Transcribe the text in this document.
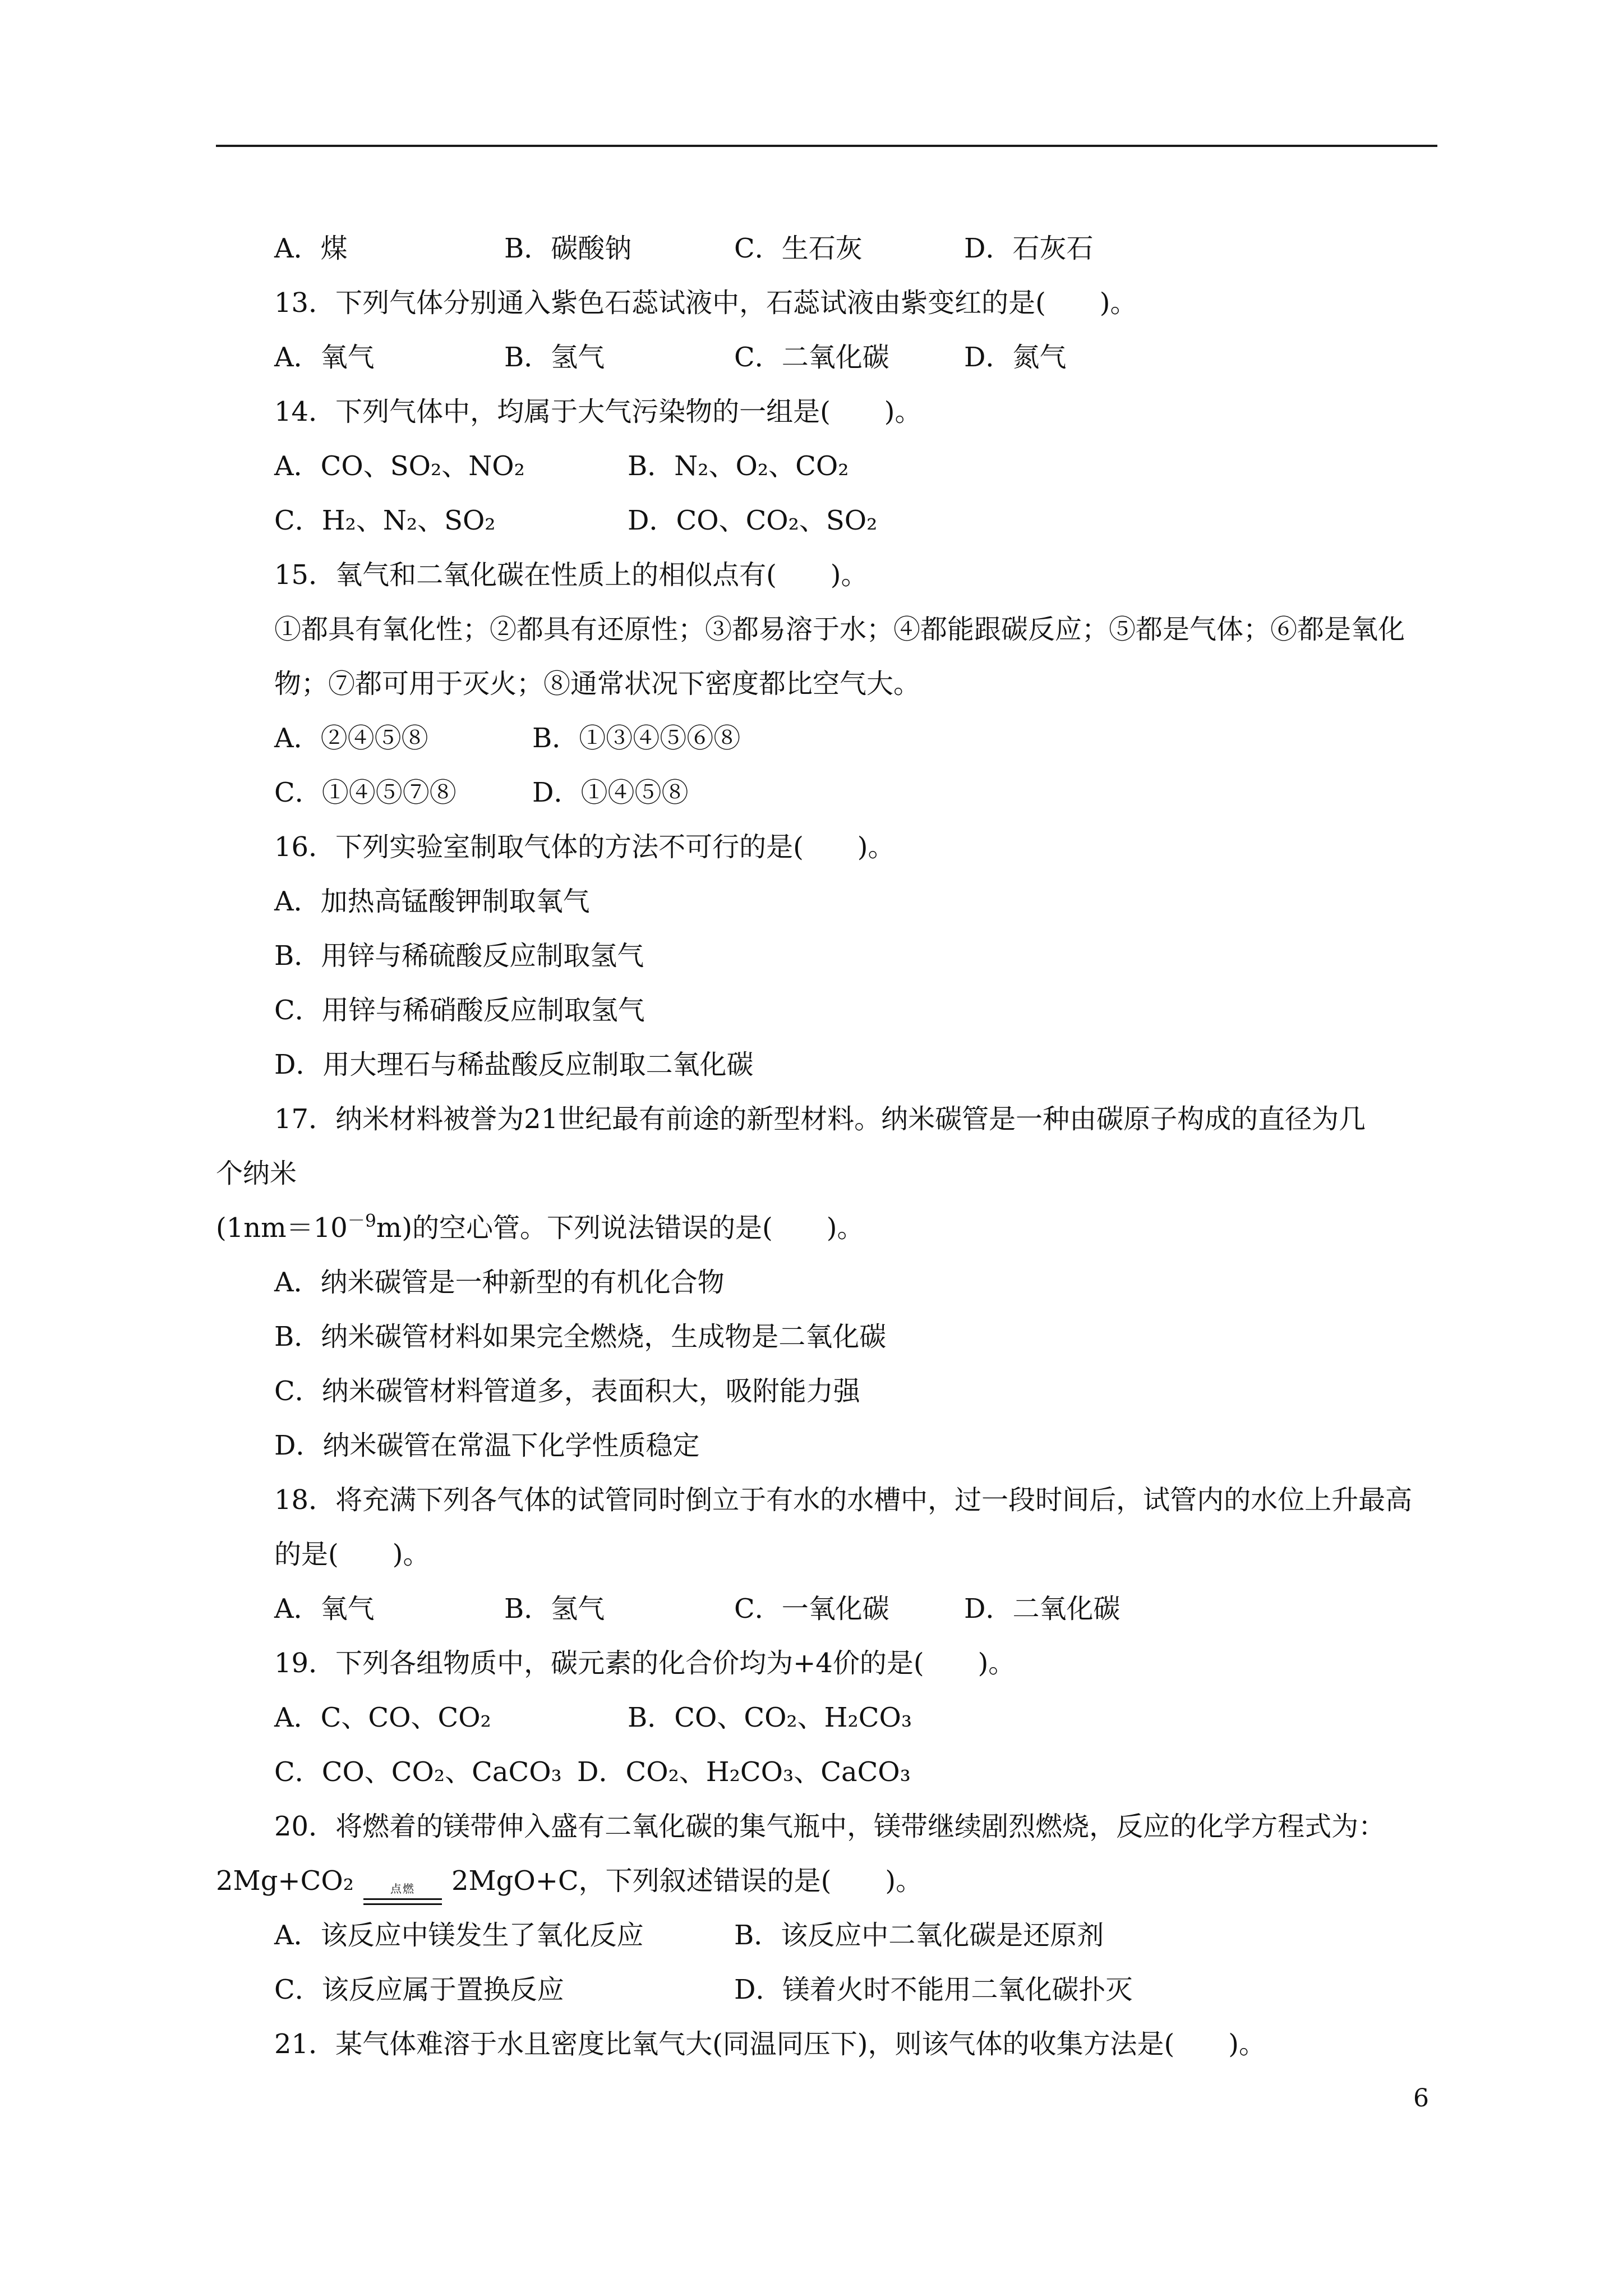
A．煤	B．碳酸钠	C．生石灰	D．石灰石
13．下列气体分别通入紫色石蕊试液中，石蕊试液由紫变红的是(　　)。
A．氧气	B．氢气	C．二氧化碳	D．氮气
14．下列气体中，均属于大气污染物的一组是(　　)。
A．CO、SO₂、NO₂	B．N₂、O₂、CO₂
C．H₂、N₂、SO₂	D．CO、CO₂、SO₂
15．氧气和二氧化碳在性质上的相似点有(　　)。
①都具有氧化性；②都具有还原性；③都易溶于水；④都能跟碳反应；⑤都是气体；⑥都是氧化物；⑦都可用于灭火；⑧通常状况下密度都比空气大。
A．②④⑤⑧	B．①③④⑤⑥⑧
C．①④⑤⑦⑧	D．①④⑤⑧
16．下列实验室制取气体的方法不可行的是(　　)。
A．加热高锰酸钾制取氧气
B．用锌与稀硫酸反应制取氢气
C．用锌与稀硝酸反应制取氢气
D．用大理石与稀盐酸反应制取二氧化碳
17．纳米材料被誉为21世纪最有前途的新型材料。纳米碳管是一种由碳原子构成的直径为几
个纳米
$(1nm=10^{-9}m)$的空心管。下列说法错误的是(　　)。
A．纳米碳管是一种新型的有机化合物
B．纳米碳管材料如果完全燃烧，生成物是二氧化碳
C．纳米碳管材料管道多，表面积大，吸附能力强
D．纳米碳管在常温下化学性质稳定
18．将充满下列各气体的试管同时倒立于有水的水槽中，过一段时间后，试管内的水位上升最高的是(　　)。
A．氧气	B．氢气	C．一氧化碳	D．二氧化碳
19．下列各组物质中，碳元素的化合价均为+4价的是(　　)。
A．C、CO、CO₂	B．CO、CO₂、H₂CO₃
C．CO、CO₂、CaCO₃ D．CO₂、H₂CO₃、CaCO₃
20．将燃着的镁带伸入盛有二氧化碳的集气瓶中，镁带继续剧烈燃烧，反应的化学方程式为：
2Mg+CO₂	点燃 2MgO+C，下列叙述错误的是(　　)。
A．该反应中镁发生了氧化反应	B．该反应中二氧化碳是还原剂
C．该反应属于置换反应	D．镁着火时不能用二氧化碳扑灭
21．某气体难溶于水且密度比氧气大(同温同压下)，则该气体的收集方法是(　　)。
6
